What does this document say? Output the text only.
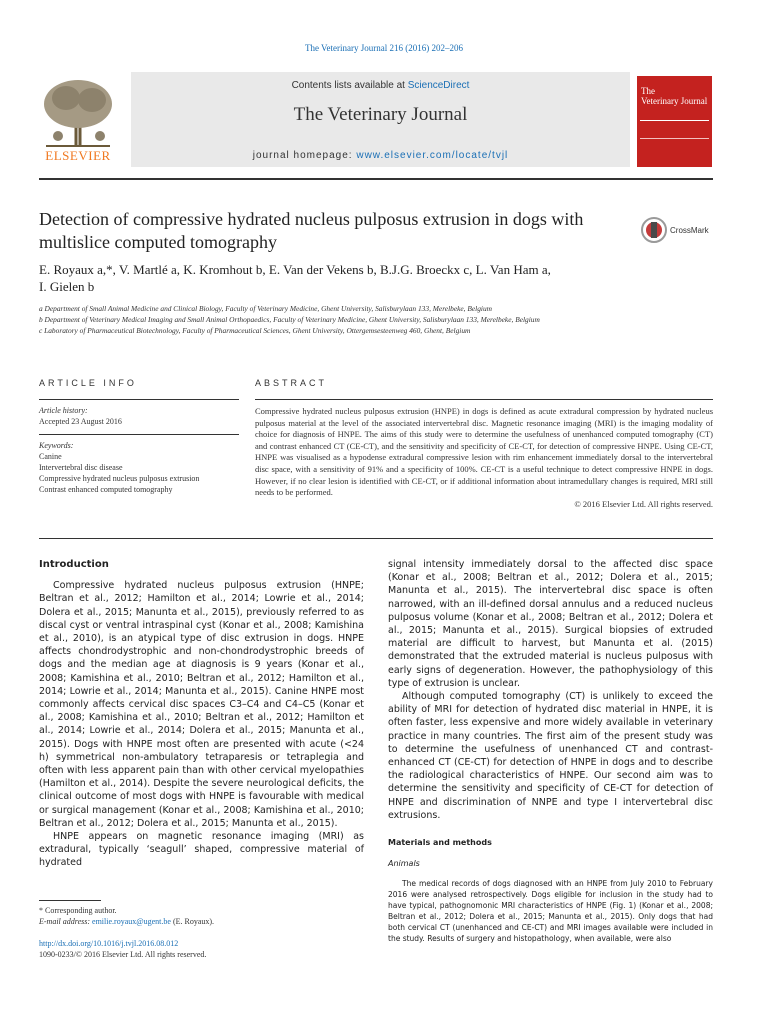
The Veterinary Journal 216 (2016) 202–206
Contents lists available at ScienceDirect
The Veterinary Journal
journal homepage: www.elsevier.com/locate/tvjl
ELSEVIER
The
Veterinary Journal
Detection of compressive hydrated nucleus pulposus extrusion in dogs with multislice computed tomography
CrossMark
E. Royaux a,*, V. Martlé a, K. Kromhout b, E. Van der Vekens b, B.J.G. Broeckx c, L. Van Ham a,
I. Gielen b
a Department of Small Animal Medicine and Clinical Biology, Faculty of Veterinary Medicine, Ghent University, Salisburylaan 133, Merelbeke, Belgium
b Department of Veterinary Medical Imaging and Small Animal Orthopaedics, Faculty of Veterinary Medicine, Ghent University, Salisburylaan 133, Merelbeke, Belgium
c Laboratory of Pharmaceutical Biotechnology, Faculty of Pharmaceutical Sciences, Ghent University, Ottergemsesteenweg 460, Ghent, Belgium
ARTICLE INFO
Article history:
Accepted 23 August 2016
Keywords:
Canine
Intervertebral disc disease
Compressive hydrated nucleus pulposus extrusion
Contrast enhanced computed tomography
ABSTRACT
Compressive hydrated nucleus pulposus extrusion (HNPE) in dogs is defined as acute extradural compression by hydrated nucleus pulposus material at the level of the associated intervertebral disc. Magnetic resonance imaging (MRI) is the imaging modality of choice for diagnosis of HNPE. The aims of this study were to determine the usefulness of unenhanced computed tomography (CT) and contrast enhanced CT (CE-CT), and the sensitivity and specificity of CE-CT, for detection of compressive HNPE. Using CE-CT, HNPE was visualised as a hypodense extradural compressive lesion with rim enhancement immediately dorsal to the intervertebral disc space, with a sensitivity of 91% and a specificity of 100%. CE-CT is a useful technique to detect compressive HNPE in dogs. However, if no clear lesion is identified with CE-CT, or if additional information about intramedullary changes is required, MRI still needs to be performed.
© 2016 Elsevier Ltd. All rights reserved.
Introduction

Compressive hydrated nucleus pulposus extrusion (HNPE; Beltran et al., 2012; Hamilton et al., 2014; Lowrie et al., 2014; Dolera et al., 2015; Manunta et al., 2015), previously referred to as discal cyst or ventral intraspinal cyst (Konar et al., 2008; Kamishina et al., 2010), is an atypical type of disc extrusion in dogs. HNPE affects chondrodystrophic and non-chondrodystrophic breeds of dogs and the median age at diagnosis is 9 years (Konar et al., 2008; Kamishina et al., 2010; Beltran et al., 2012; Hamilton et al., 2014; Lowrie et al., 2014; Manunta et al., 2015). Canine HNPE most commonly affects cervical disc spaces C3–C4 and C4–C5 (Konar et al., 2008; Kamishina et al., 2010; Beltran et al., 2012; Hamilton et al., 2014; Lowrie et al., 2014; Dolera et al., 2015; Manunta et al., 2015). Dogs with HNPE most often are presented with acute (<24 h) symmetrical non-ambulatory tetraparesis or tetraplegia and often with less apparent pain than with other cervical myelopathies (Hamilton et al., 2014). Despite the severe neurological deficits, the clinical outcome of most dogs with HNPE is favourable with medical or surgical management (Konar et al., 2008; Kamishina et al., 2010; Beltran et al., 2012; Dolera et al., 2015; Manunta et al., 2015).

HNPE appears on magnetic resonance imaging (MRI) as extradural, typically ‘seagull’ shaped, compressive material of hydrated

signal intensity immediately dorsal to the affected disc space (Konar et al., 2008; Beltran et al., 2012; Dolera et al., 2015; Manunta et al., 2015). The intervertebral disc space is often narrowed, with an ill-defined dorsal annulus and a reduced nucleus pulposus volume (Konar et al., 2008; Beltran et al., 2012; Dolera et al., 2015; Manunta et al., 2015). Surgical biopsies of extruded material are difficult to harvest, but Manunta et al. (2015) demonstrated that the extruded material is nucleus pulposus with early signs of degeneration. However, the pathophysiology of this type of extrusion is unclear.

Although computed tomography (CT) is unlikely to exceed the ability of MRI for detection of hydrated disc material in HNPE, it is often faster, less expensive and more widely available in veterinary practice in many countries. The first aim of the present study was to determine the usefulness of unenhanced CT and contrast-enhanced CT (CE-CT) for detection of HNPE in dogs and to describe the radiological characteristics of HNPE. Our second aim was to determine the sensitivity and specificity of CE-CT for detection of HNPE and discrimination of NNPE and type I intervertebral disc extrusions.

Materials and methods
Animals

The medical records of dogs diagnosed with an HNPE from July 2010 to February 2016 were analysed retrospectively. Dogs eligible for inclusion in the study had to have typical, pathognomonic MRI characteristics of HNPE (Fig. 1) (Konar et al., 2008; Beltran et al., 2012; Dolera et al., 2015; Manunta et al., 2015). Only dogs that had both cervical CT (unenhanced and CE-CT) and MRI images available were included in the study. Results of surgery and histopathology, when available, were also

* Corresponding author.
E-mail address: emilie.royaux@ugent.be (E. Royaux).
http://dx.doi.org/10.1016/j.tvjl.2016.08.012
1090-0233/© 2016 Elsevier Ltd. All rights reserved.
